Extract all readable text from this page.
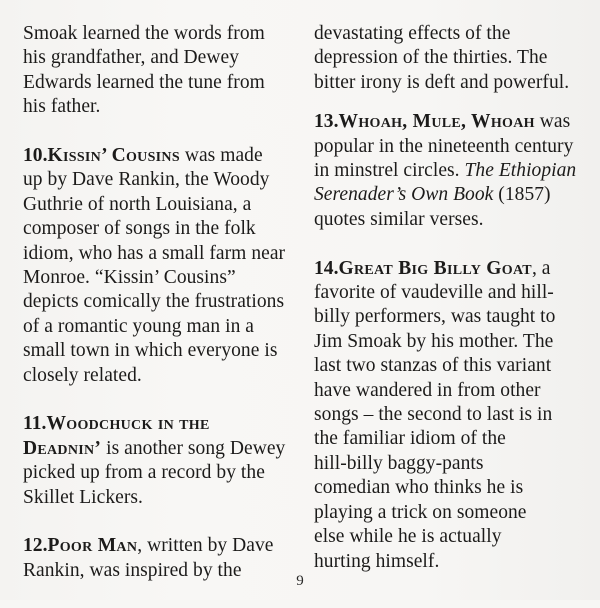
Smoak learned the words from
his grandfather, and Dewey
Edwards learned the tune from
his father.

10.Kissin’ Cousins was made
up by Dave Rankin, the Woody
Guthrie of north Louisiana, a
composer of songs in the folk
idiom, who has a small farm near
Monroe. “Kissin’ Cousins”
depicts comically the frustrations
of a romantic young man in a
small town in which everyone is
closely related.

11.Woodchuck in the
Deadnin’ is another song Dewey
picked up from a record by the
Skillet Lickers.

12.Poor Man, written by Dave
Rankin, was inspired by the

devastating effects of the
depression of the thirties. The
bitter irony is deft and powerful.

13.Whoah, Mule, Whoah was
popular in the nineteenth century
in minstrel circles. The Ethiopian
Serenader’s Own Book (1857)
quotes similar verses.

14.Great Big Billy Goat, a
favorite of vaudeville and hill-
billy performers, was taught to
Jim Smoak by his mother. The
last two stanzas of this variant
have wandered in from other
songs – the second to last is in
the familiar idiom of the
hill-billy baggy-pants
comedian who thinks he is
playing a trick on someone
else while he is actually
hurting himself.

9
